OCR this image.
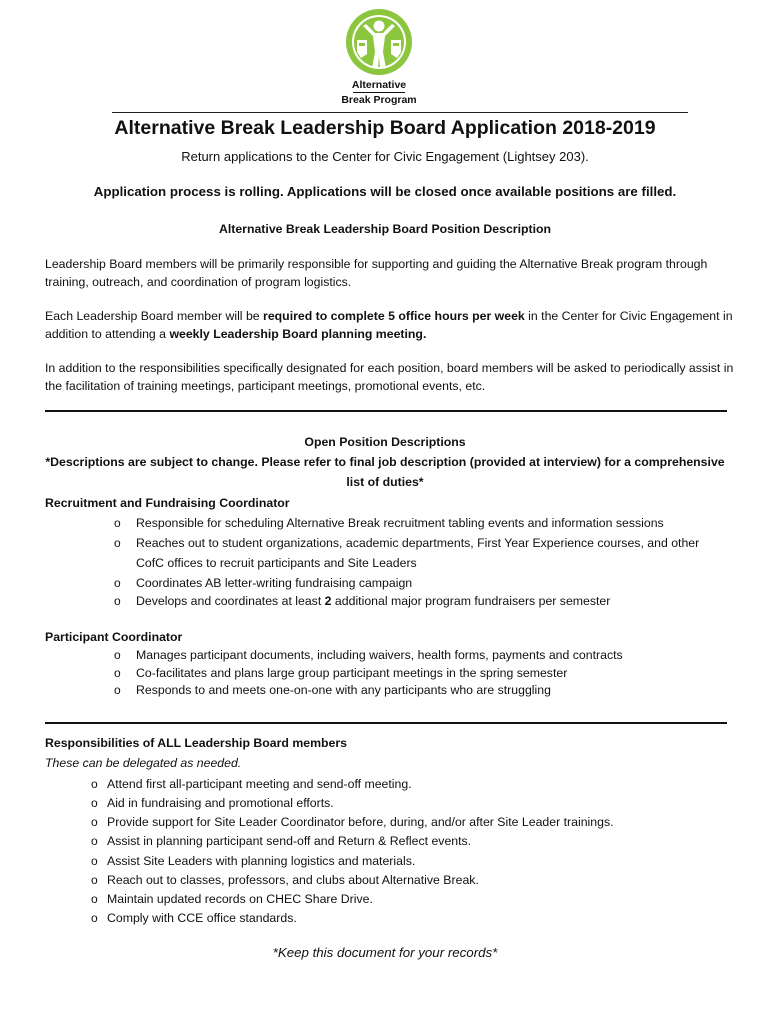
Alternative
Break Program
Alternative Break Leadership Board Application 2018-2019
Return applications to the Center for Civic Engagement (Lightsey 203).
Application process is rolling. Applications will be closed once available positions are filled.
Alternative Break Leadership Board Position Description

Leadership Board members will be primarily responsible for supporting and guiding the Alternative Break program through training, outreach, and coordination of program logistics.

Each Leadership Board member will be required to complete 5 office hours per week in the Center for Civic Engagement in addition to attending a weekly Leadership Board planning meeting.

In addition to the responsibilities specifically designated for each position, board members will be asked to periodically assist in the facilitation of training meetings, participant meetings, promotional events, etc.

Open Position Descriptions
*Descriptions are subject to change. Please refer to final job description (provided at interview) for a comprehensive
list of duties*
Recruitment and Fundraising Coordinator
o	Responsible for scheduling Alternative Break recruitment tabling events and information sessions
o	Reaches out to student organizations, academic departments, First Year Experience courses, and other
CofC offices to recruit participants and Site Leaders
o	Coordinates AB letter-writing fundraising campaign
o	Develops and coordinates at least 2 additional major program fundraisers per semester
Participant Coordinator
o	Manages participant documents, including waivers, health forms, payments and contracts
o	Co-facilitates and plans large group participant meetings in the spring semester
o	Responds to and meets one-on-one with any participants who are struggling
Responsibilities of ALL Leadership Board members
These can be delegated as needed.
o Attend first all-participant meeting and send-off meeting.
o Aid in fundraising and promotional efforts.
o Provide support for Site Leader Coordinator before, during, and/or after Site Leader trainings.
o Assist in planning participant send-off and Return & Reflect events.
o Assist Site Leaders with planning logistics and materials.
o Reach out to classes, professors, and clubs about Alternative Break.
o Maintain updated records on CHEC Share Drive.
o Comply with CCE office standards.
*Keep this document for your records*
